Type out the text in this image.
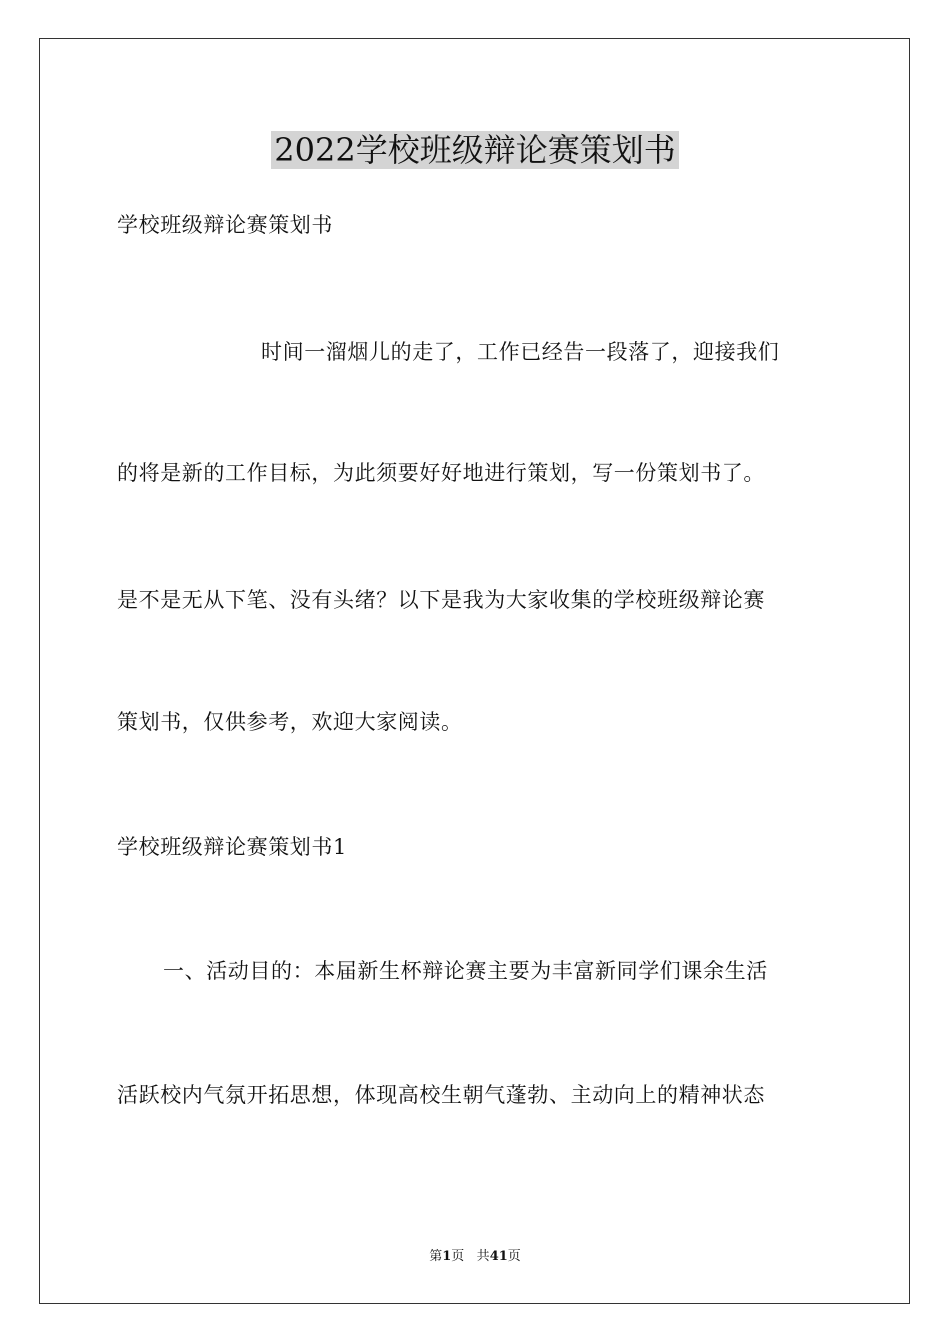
2022学校班级辩论赛策划书
学校班级辩论赛策划书
时间一溜烟儿的走了，工作已经告一段落了，迎接我们
的将是新的工作目标，为此须要好好地进行策划，写一份策划书了。
是不是无从下笔、没有头绪？以下是我为大家收集的学校班级辩论赛
策划书，仅供参考，欢迎大家阅读。
学校班级辩论赛策划书1
一、活动目的：本届新生杯辩论赛主要为丰富新同学们课余生活
活跃校内气氛开拓思想，体现高校生朝气蓬勃、主动向上的精神状态
第1页 共41页
